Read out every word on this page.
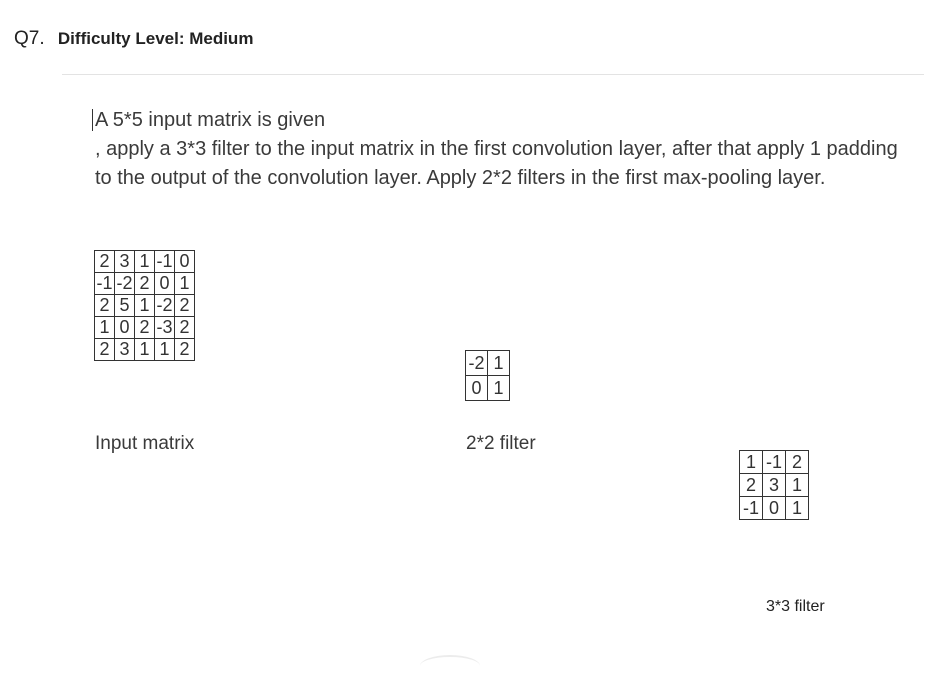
Q7. Difficulty Level: Medium

A 5*5 input matrix is given

, apply a 3*3 filter to the input matrix in the first convolution layer, after that apply 1 padding to the output of the convolution layer. Apply 2*2 filters in the first max-pooling layer.

2	3	1	-1	0
-1	-2	2	0	1
2	5	1	-2	2
1	0	2	-3	2
2	3	1	1	2
-2	1
0	1
1	-1	2
2	3	1
-1	0	1
Input matrix	2*2 filter
3*3 filter
